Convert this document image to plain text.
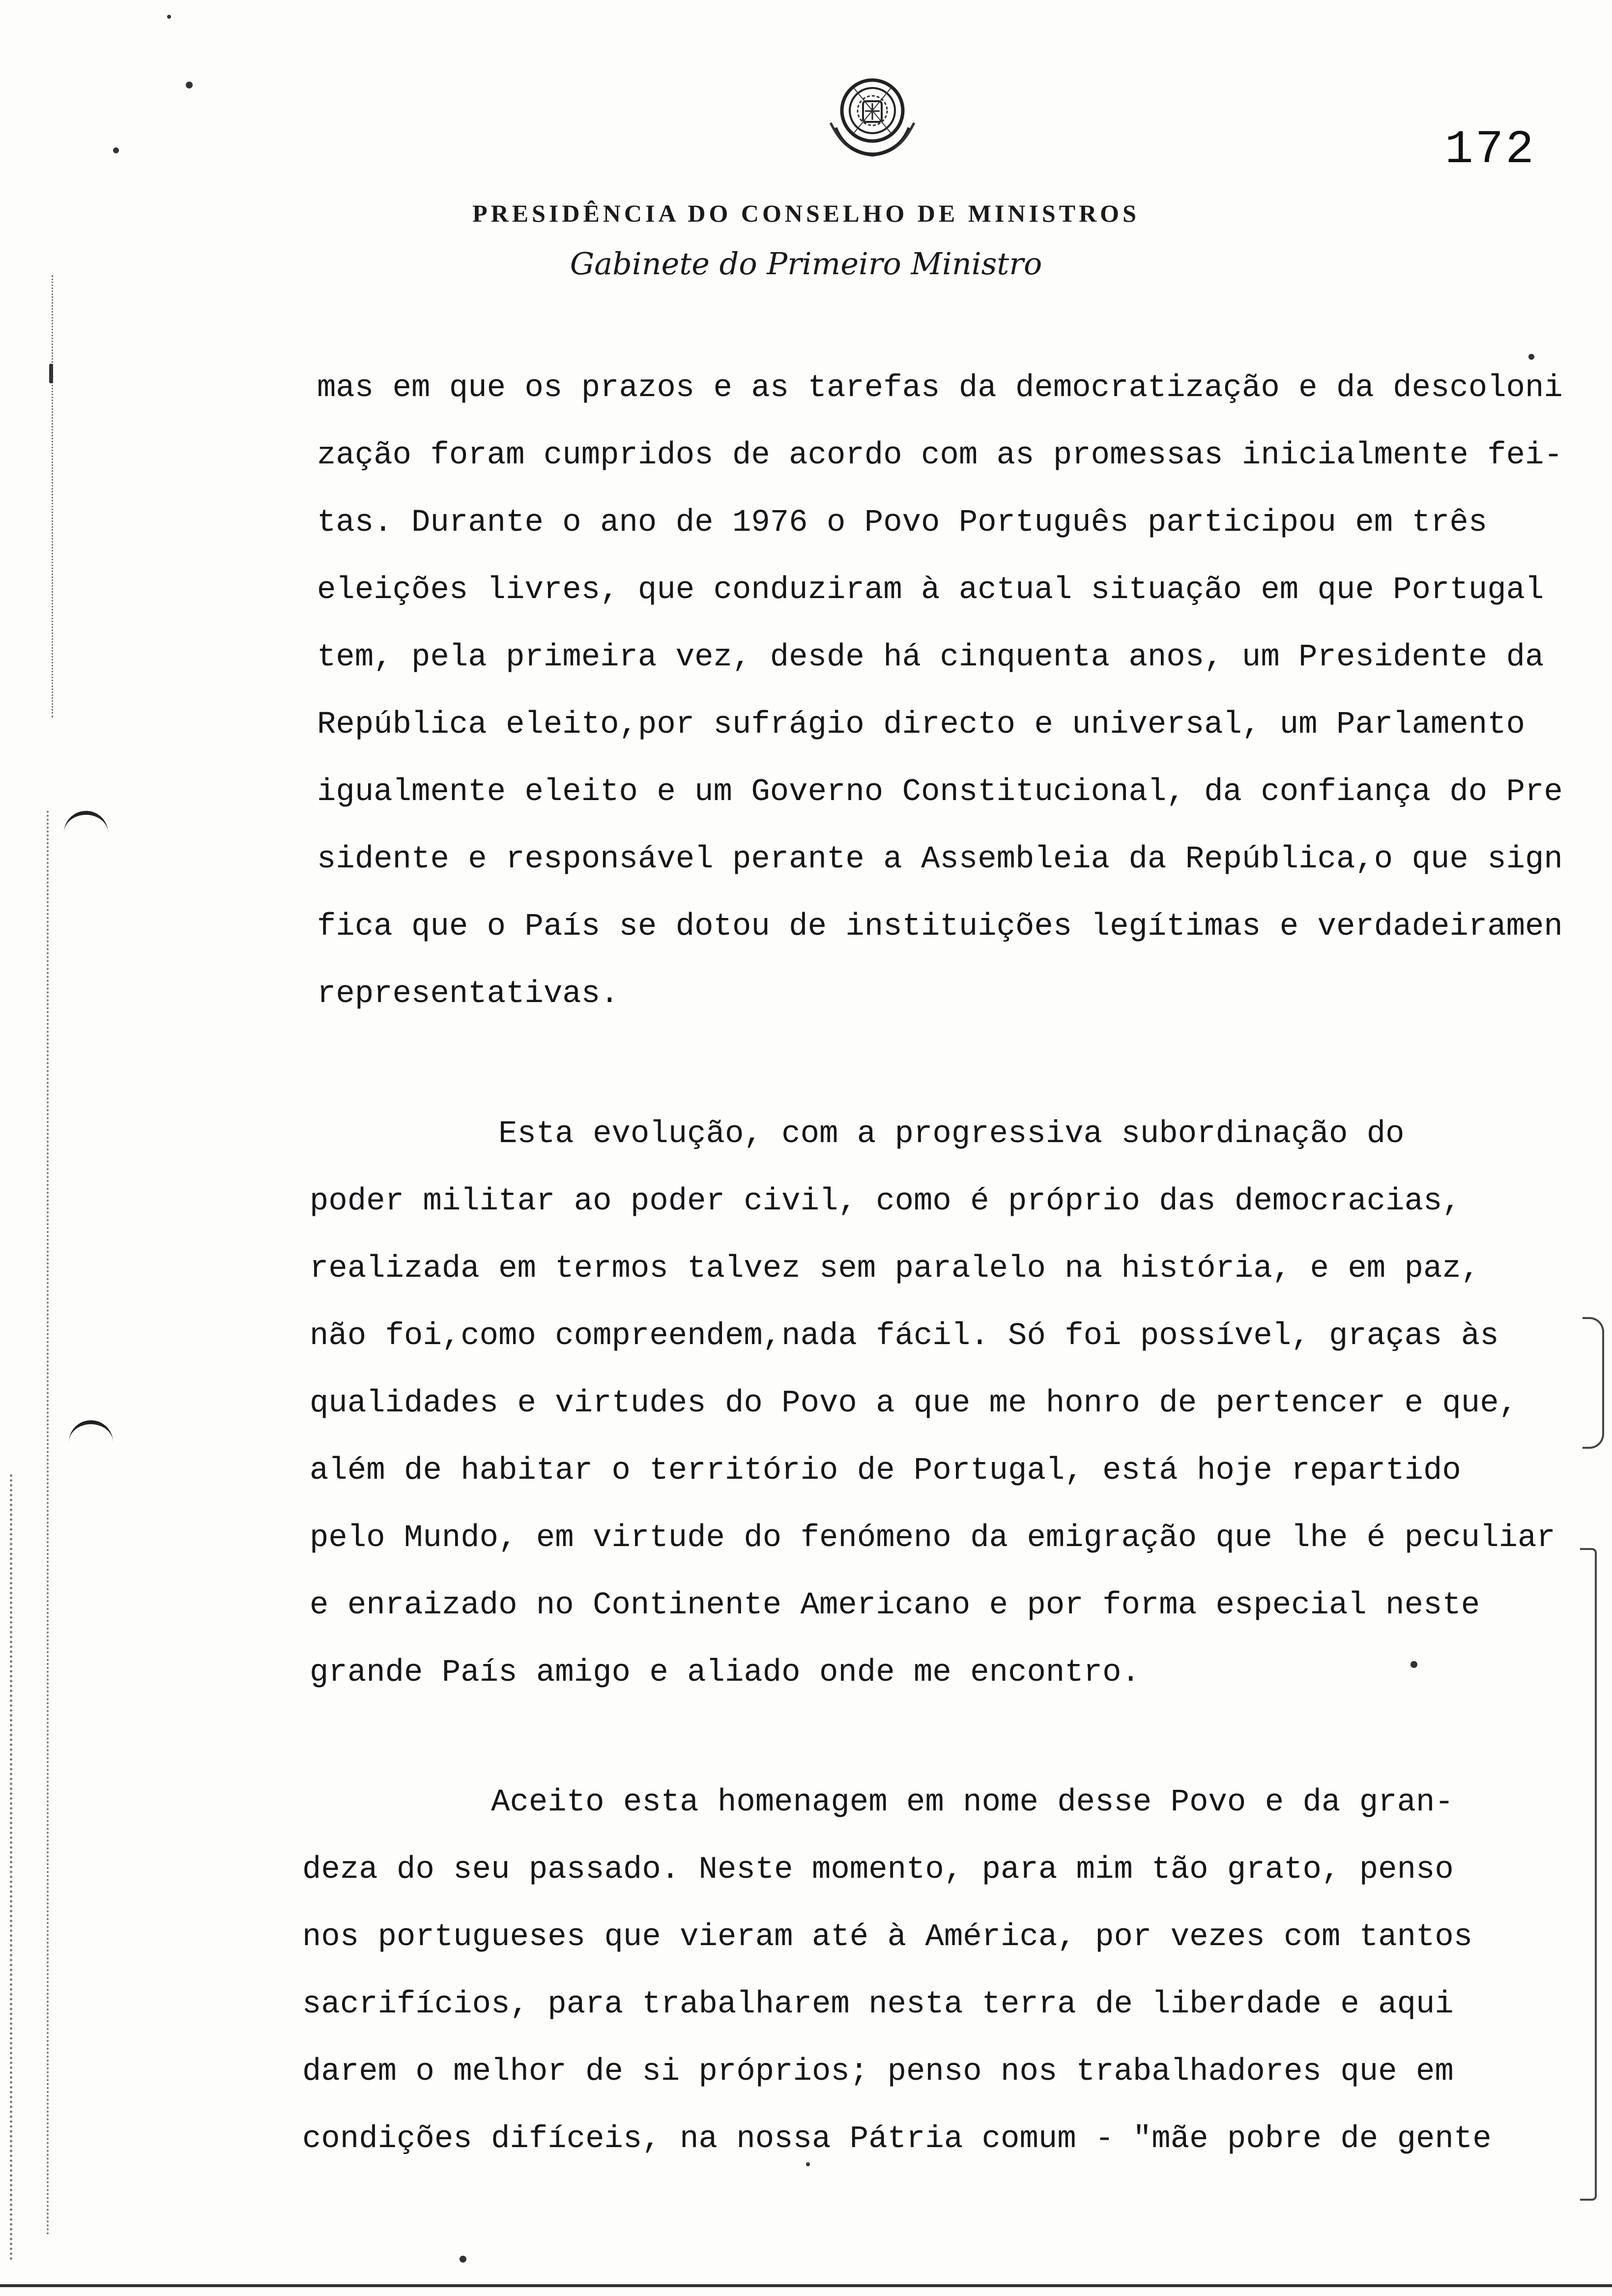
172
PRESIDÊNCIA DO CONSELHO DE MINISTROS
Gabinete do Primeiro Ministro
mas em que os prazos e as tarefas da democratização e da descoloni
zação foram cumpridos de acordo com as promessas inicialmente fei-
tas. Durante o ano de 1976 o Povo Português participou em três
eleições livres, que conduziram à actual situação em que Portugal
tem, pela primeira vez, desde há cinquenta anos, um Presidente da
República eleito,por sufrágio directo e universal, um Parlamento
igualmente eleito e um Governo Constitucional, da confiança do Pre
sidente e responsável perante a Assembleia da República,o que sign
fica que o País se dotou de instituições legítimas e verdadeiramen
representativas.
Esta evolução, com a progressiva subordinação do
poder militar ao poder civil, como é próprio das democracias,
realizada em termos talvez sem paralelo na história, e em paz,
não foi,como compreendem,nada fácil. Só foi possível, graças às
qualidades e virtudes do Povo a que me honro de pertencer e que,
além de habitar o território de Portugal, está hoje repartido
pelo Mundo, em virtude do fenómeno da emigração que lhe é peculiar
e enraizado no Continente Americano e por forma especial neste
grande País amigo e aliado onde me encontro.
Aceito esta homenagem em nome desse Povo e da gran-
deza do seu passado. Neste momento, para mim tão grato, penso
nos portugueses que vieram até à América, por vezes com tantos
sacrifícios, para trabalharem nesta terra de liberdade e aqui
darem o melhor de si próprios; penso nos trabalhadores que em
condições difíceis, na nossa Pátria comum - "mãe pobre de gente
